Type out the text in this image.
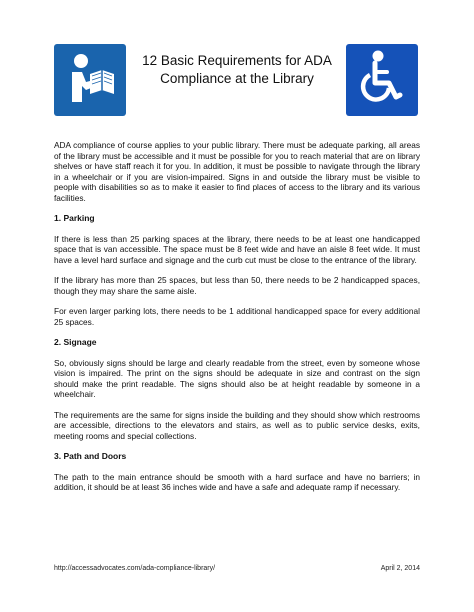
12 Basic Requirements for ADA
Compliance at the Library

ADA compliance of course applies to your public library. There must be adequate parking, all areas of the library must be accessible and it must be possible for you to reach material that are on library shelves or have staff reach it for you. In addition, it must be possible to navigate through the library in a wheelchair or if you are vision-impaired. Signs in and outside the library must be visible to people with disabilities so as to make it easier to find places of access to the library and its various facilities.

1. Parking

If there is less than 25 parking spaces at the library, there needs to be at least one handicapped space that is van accessible. The space must be 8 feet wide and have an aisle 8 feet wide. It must have a level hard surface and signage and the curb cut must be close to the entrance of the library.

If the library has more than 25 spaces, but less than 50, there needs to be 2 handicapped spaces, though they may share the same aisle.

For even larger parking lots, there needs to be 1 additional handicapped space for every additional 25 spaces.

2. Signage

So, obviously signs should be large and clearly readable from the street, even by someone whose vision is impaired. The print on the signs should be adequate in size and contrast on the sign should make the print readable. The signs should also be at height readable by someone in a wheelchair.

The requirements are the same for signs inside the building and they should show which restrooms are accessible, directions to the elevators and stairs, as well as to public service desks, exits, meeting rooms and special collections.

3. Path and Doors

The path to the main entrance should be smooth with a hard surface and have no barriers; in addition, it should be at least 36 inches wide and have a safe and adequate ramp if necessary.

http://accessadvocates.com/ada-compliance-library/	April 2, 2014
